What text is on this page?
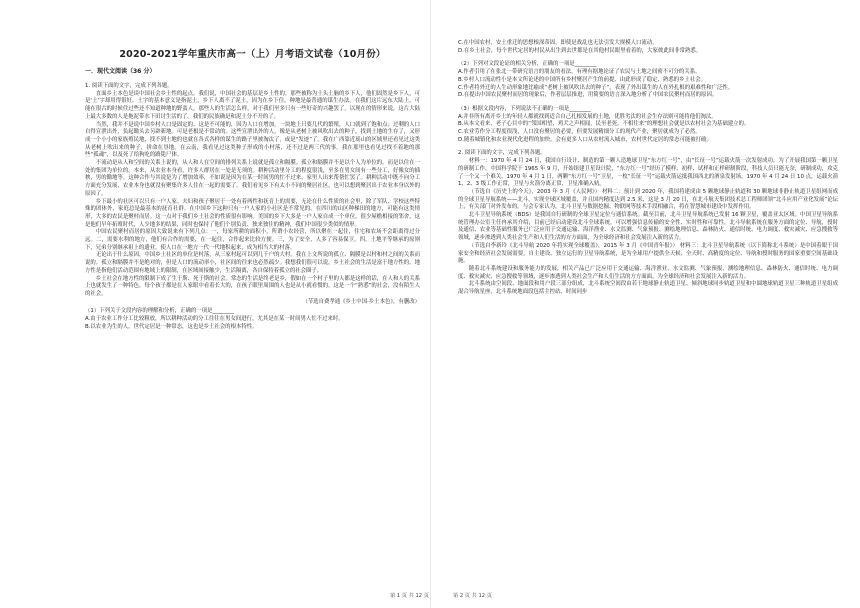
2020-2021学年重庆市高一（上）月考语文试卷（10月份）
一．现代文阅读（36 分）

1. 阅读下面的文字，完成下列各题。

直面乡土本色是谈中国社会乡土性的起点。我们说，中国社会的基层是乡土性的。那些被称为土头土脑的乡下人，他们固然是乡下人，可是‘土’字却用得很好。土字的基本意义是指泥土。乡下人离不了泥土，因为在乡下住，种地是最普通的谋生办法。在我们这片远东大陆上，可能在很古的时候住过些还不知道种地的野蛮人，那些人的生活怎么样，对于我们至多只有一些好奇的兴趣罢了。以现在的情形来说，这片大陆上最大多数的人是拖泥带水下田讨生活的了。我们的民族确是和泥土分不开的了。

当然，我并不是说中国乡村人口是固定的。这是不可能的，因为人口在增加，一块地上只要几代的繁殖，人口就到了饱和点；过剩的人口自得宣泄出外，负起锄头去另辟新地。可是老根是不常动的。这些宣泄出外的人，像是从老树上被风吹出去的种子，找到土地的生存了，又形成一个小小的家族殖民地，找不到土地的也就在各式各样的谋生的路子里被淘汰了，或是“发迹”了。我在广西靠近瑶山的区域里还看见过这类从老树上吹出来的种子，拼命在垦地。在云南，我看见过这类种子形成的小村落，还不过是两三代的事。我在那里也看见过找不着地的那些“孤魂”，以及死了给狗吃的路毙尸体。

不流动是从人和空间的关系上说的，从人和人在空间的排列关系上说就是孤立和隔膜。孤立和隔膜并不是以个人为单位的，而是以住在一处的集团为单位的。本来，从农业本身看，许多人群居在一处是无须的。耕种活动里分工的程度很浅，至多在男女间有一些分工，好像女的插秧，男的锄地等。这种合作与其说是为了增加效率，不如说是因为在某一时间男的忙不过来，家里人出来帮帮忙罢了。耕种活动中既不向分工方面充分发展，农业本身也就没有聚集许多人住在一起的需要了。我们看见乡下有太小不同的聚居社区，也可以想到聚居出于农业本身以外的原因了。

乡下最小的社区可以只有一户人家。夫妇和孩子聚居于一处有着两性和抚育上的需要，无论在什么性质的社会里，除了军队、学校这些特殊的团体外，家庭总是最基本的抚育社群。在中国乡下这种只有一户人家的小社区是不常见的。在四川的山区种梯田的地方，可能有这类情形，大多的农民是聚村而居。这一点对于我们乡土社会的性质很有影响。美国的乡下大多是一户人家自成一个单位，很少屋檐相接的邻舍，这是他们早年拓殖时代，人少地多的结果，同时也保持了他们个别负责、独来独往的精神，我们中国很少类似的情形。

中国农民聚村而居的原因大致说来有下列几点：一，每家所耕的面积小，所谓小农经营，所以聚在一起住，住宅和农场不会距离得过分远。二，需要水利的地方，他们有合作的需要，在一起住，合作起来比较方便。三，为了安全，人多了容易保卫。四，土地平等继承的原则下，兄弟分别继承祖上的遗业，使人口在一地方一代一代地积起来，成为相当大的村落。

无论出于什么原因，中国乡土社区的单位是村落，从三家村起可以到几千户的大村。我在上文所说的孤立、隔膜是以村和村之间的关系而说的。孤立和隔膜并不是绝对的，但是人口的流动率小，社区间的往来也必然疏少。我想我们很可以说，乡土社会的生活是富于地方性的。地方性是指他们活动范围有地域上的限制，在区域间接触少，生活隔离，各自保持着孤立的社会圈子。

乡土社会在地方性的限制下成了生于斯、死于斯的社会。常态的生活是终老是乡，假如在一个村子里的人都是这样的话，在人和人的关系上也就发生了一种特色，每个孩子都是在人家眼中看着长大的，在孩子眼里周围的人也是从小就看惯的。这是一个“熟悉”的社会，没有陌生人的社会。

（节选自费孝通《乡土中国·乡土本色》，有删改）

（1）下列关于文段内容的理解和分析，正确的一项是________

A.由于农业工作分工比较粗放，所以耕种活动的分工往往在男女间进行，尤其是在某一时间男人忙不过来时。

B.以农业为生的人，世代定居是一种常态，这也是乡土社会的根本特性。

C.在中国农村，安土重迁的思想根深蒂固，即使是战乱也无法引发大规模人口流动。

D.在乡土社会，每个世代定居的村民从出生到去世都是在其他村民眼里看着的，大家彼此间非常熟悉。

（2）下列对文段论证的相关分析，正确的一项是________

A.作者引用了在张北一带研究语言的朋友的看法，有理有据地论证了农民与土地之间密不可分的关系。

B.乡村人口流动性小是本文所论述的中国所有乡村聚居产生的前提，由此形成了稳定、熟悉的乡土社会。

C.作者将外迁的人生动形象地比喻成“老树上被风吹出去的种子”，表现了外出谋生的人在外扎根的艰难性和广泛性。

D.在提出中国农民聚村而居的现象后，作者层层推进，用简要的语言深入地分析了中国农民聚村而居的原因。

（3）根据文段内容，下列说法不正确的一项是________

A.并非所有离开乡土的年轻人都就找到适合自己扎根发展的土地，优胜劣汰的社会生存法则可能将他们淘汰。

B.从本文看来，老子心目中的“邻国相望，鸡犬之声相闻，民至老死，不相往来”的理想社会就是以农村社会为基础建立的。

C.农业劳作分工程度很浅，人口没有聚居的必要，但要发展精细分工的现代产业，聚居就成为了必然。

D.随着城镇化和农业现代化进程的加快，会有更多人口从农村流入城市，农村世代定居的常态可能被打破。

2. 阅读下面的文字，完成下列各题。

材料一：1970 年 4 月 24 日，我国自行设计、制造的第一颗人造地球卫星“东方红一号”，由“长征一号”运载火箭一次发射成功。为了开展我国第一颗卫星的研制工作，中国科学院于 1965 年 9 月，开始组建卫星设计院，“东方红一号”经历了模样、初样、试样和正样研制阶段，科技人员只能无奈，研制成功，攻克了一个又一个难关。1970 年 4 月 1 日，两颗“东方红一号”卫星，一枚“长征一号”运载火箭运抵我国西北的酒泉发射场，1970 年 4 月 24 日 10 点，运载火箭 1、2、3 级工作正常，卫星与火箭分离正常，卫星准确入轨。

（节选自《历史上的今天》，2003 年 3 月《人民网》） 材料二：预计到 2020 年，我国将建成由 5 颗地球静止轨道和 30 颗地球非静止轨道卫星组网而成的全球卫星导航系统——北斗，实现全球区域覆盖，并且国内精度达到 2.5 米，这是 3 月 20 日，在北斗航天集团技术总工程师团领”北斗应用产业化发展”论坛上，有关部门对外发布的。与会专家认为，北斗卫星与数据挖掘、物联网等技术手段相融合，将在智慧城市建设中发挥作用。

北斗卫星导航系统（BDS）是我国自行研制的全球卫星定位与通信系统。截至目前，北斗卫星导航系统已发射 16 颗卫星，覆盖亚太区域。中国卫星导航系统管理办公室主任冉承其介绍，目前已经启动建设北斗全球系统。可以增强信息传输的安全性、实时性和可靠性，北斗导航系统在服务方面的定位、导航，授时及通信、农业等基础性服务已广泛应用于交通运输、海洋渔业、水文监测、气象预报、测绘地理信息、森林防火、通信时统、电力调度、救灾减灾、应急搜救等领域，逐步渗透到人类社会生产和人们生活的方方面面，为全球经济和社会发展注入新的活力。

（节选自李新玲《北斗导航 2020 年将实现全球覆盖》，2015 年 3 月《中国青年报》） 材料三：北斗卫星导航系统（以下简称北斗系统）是中国着眼于国家安全和经济社会发展需要，自主建设、独立运行的卫星导航系统，是为全球用户提供全天候、全天时、高精度的定位、导航和授时服务的国家重要空间基础设施。

随着北斗系统建设和服务能力的发展，相关产品已广泛应用于交通运输、海洋渔业、水文监测、气象预报、测绘地理信息、森林防火、通信时统、电力调度、救灾减灾、应急搜救等领域，逐步渗透到人类社会生产和人们生活的方方面面，为全球经济和社会发展注入新的活力。

北斗系统由空间段、地面段和用户段三部分组成，北斗系统空间段由若干地球静止轨道卫星、倾斜地球同步轨道卫星和中圆地球轨道卫星三种轨道卫星组成混合导航星座，北斗系统地面段包括主控站、时间同步

第 1 页 共 12 页	第 2 页 共 12 页
